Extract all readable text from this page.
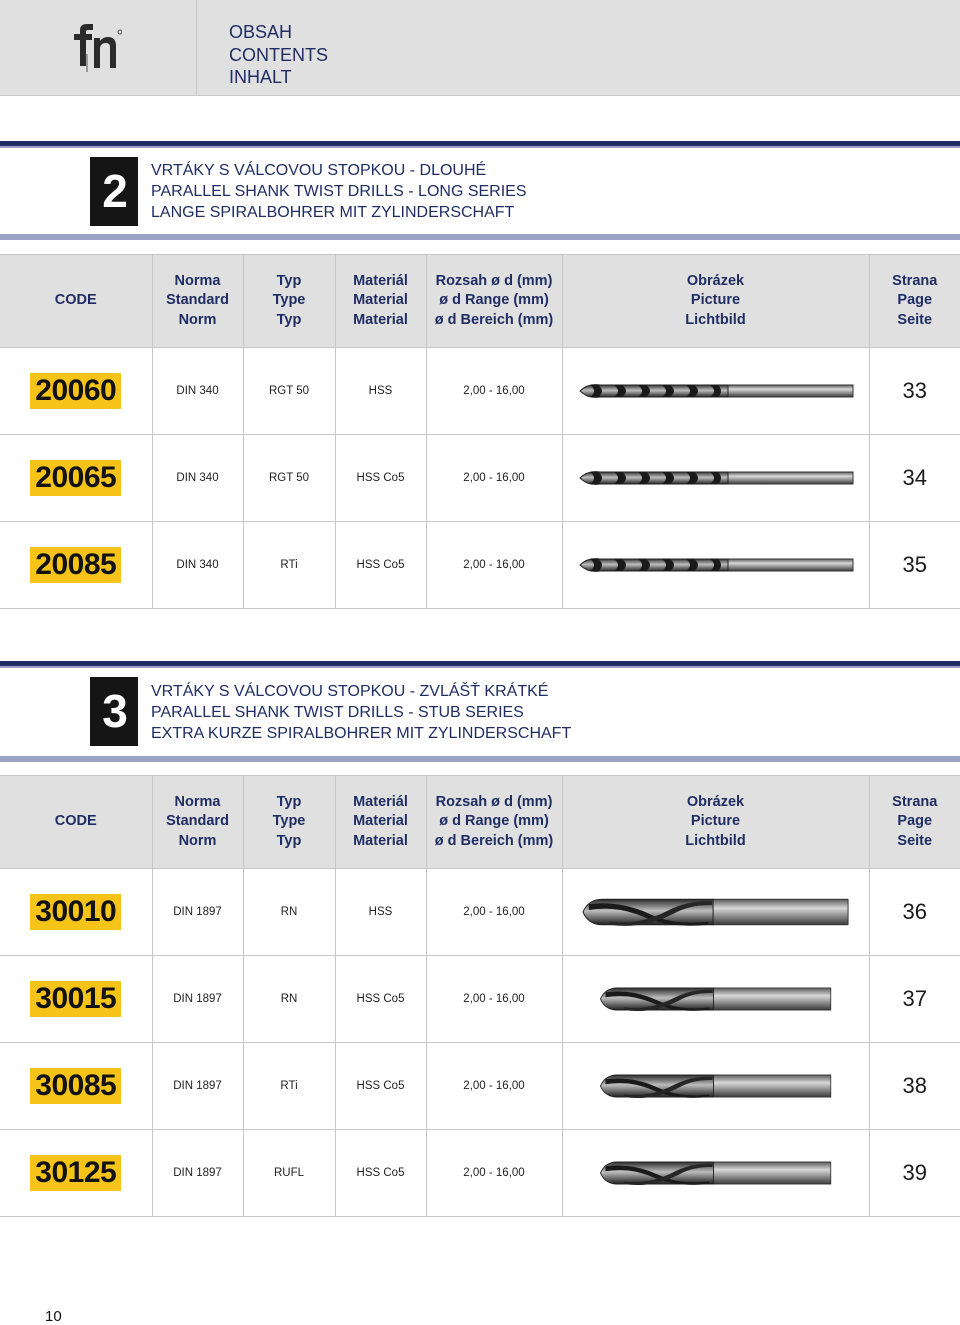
OBSAH
CONTENTS
INHALT
2	VRTÁKY S VÁLCOVOU STOPKOU - DLOUHÉ
PARALLEL SHANK TWIST DRILLS - LONG SERIES
LANGE SPIRALBOHRER MIT ZYLINDERSCHAFT
CODE	Norma
Standard
Norm	Typ
Type
Typ	Materiál
Material
Material	Rozsah ø d (mm)
ø d Range (mm)
ø d Bereich (mm)	Obrázek
Picture
Lichtbild	Strana
Page
Seite

20060	DIN 340	RGT 50	HSS	2,00 - 16,00		33
20065	DIN 340	RGT 50	HSS Co5	2,00 - 16,00		34
20085	DIN 340	RTi	HSS Co5	2,00 - 16,00		35
3	VRTÁKY S VÁLCOVOU STOPKOU - ZVLÁŠŤ KRÁTKÉ
PARALLEL SHANK TWIST DRILLS - STUB SERIES
EXTRA KURZE SPIRALBOHRER MIT ZYLINDERSCHAFT
CODE	Norma
Standard
Norm	Typ
Type
Typ	Materiál
Material
Material	Rozsah ø d (mm)
ø d Range (mm)
ø d Bereich (mm)	Obrázek
Picture
Lichtbild	Strana
Page
Seite

30010	DIN 1897	RN	HSS	2,00 - 16,00		36
30015	DIN 1897	RN	HSS Co5	2,00 - 16,00		37
30085	DIN 1897	RTi	HSS Co5	2,00 - 16,00		38
30125	DIN 1897	RUFL	HSS Co5	2,00 - 16,00		39
10
